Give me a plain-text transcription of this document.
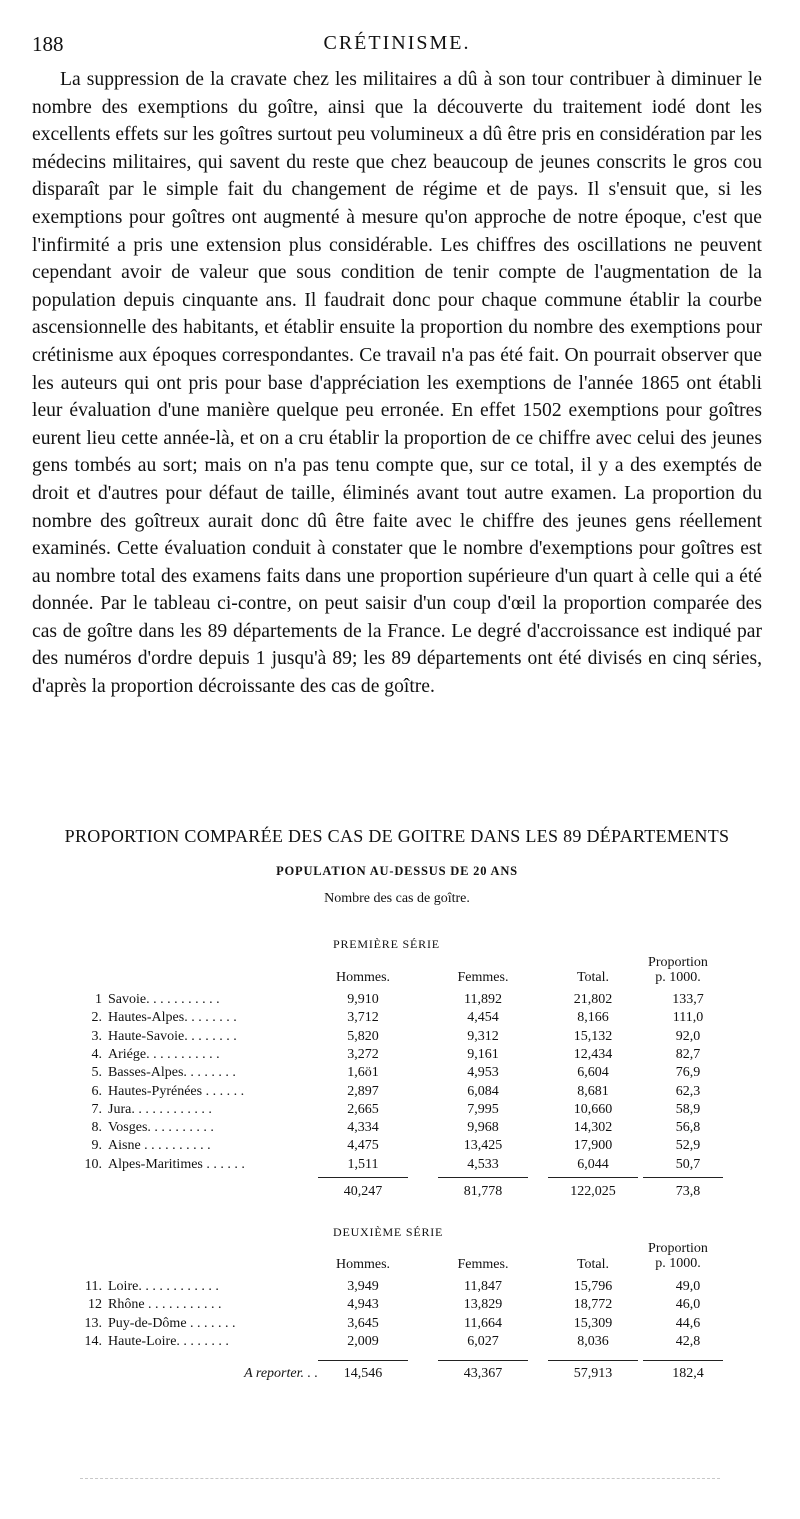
188	CRÉTINISME.

La suppression de la cravate chez les militaires a dû à son tour contribuer à diminuer le nombre des exemptions du goître, ainsi que la découverte du traitement iodé dont les excellents effets sur les goîtres surtout peu volumineux a dû être pris en considération par les médecins militaires, qui savent du reste que chez beaucoup de jeunes conscrits le gros cou disparaît par le simple fait du changement de régime et de pays. Il s'ensuit que, si les exemptions pour goîtres ont augmenté à mesure qu'on approche de notre époque, c'est que l'infirmité a pris une extension plus considérable. Les chiffres des oscillations ne peuvent cependant avoir de valeur que sous condition de tenir compte de l'augmentation de la population depuis cinquante ans. Il faudrait donc pour chaque commune établir la courbe ascensionnelle des habitants, et établir ensuite la proportion du nombre des exemptions pour crétinisme aux époques correspondantes. Ce travail n'a pas été fait. On pourrait observer que les auteurs qui ont pris pour base d'appréciation les exemptions de l'année 1865 ont établi leur évaluation d'une manière quelque peu erronée. En effet 1502 exemptions pour goîtres eurent lieu cette année-là, et on a cru établir la proportion de ce chiffre avec celui des jeunes gens tombés au sort; mais on n'a pas tenu compte que, sur ce total, il y a des exemptés de droit et d'autres pour défaut de taille, éliminés avant tout autre examen. La proportion du nombre des goîtreux aurait donc dû être faite avec le chiffre des jeunes gens réellement examinés. Cette évaluation conduit à constater que le nombre d'exemptions pour goîtres est au nombre total des examens faits dans une proportion supérieure d'un quart à celle qui a été donnée. Par le tableau ci-contre, on peut saisir d'un coup d'œil la proportion comparée des cas de goître dans les 89 départements de la France. Le degré d'accroissance est indiqué par des numéros d'ordre depuis 1 jusqu'à 89; les 89 départements ont été divisés en cinq séries, d'après la proportion décroissante des cas de goître.

PROPORTION COMPARÉE DES CAS DE GOITRE DANS LES 89 DÉPARTEMENTS
POPULATION AU-DESSUS DE 20 ANS
Nombre des cas de goître.
PREMIÈRE SÉRIE
Hommes.	Femmes.	Total.
Proportion
p. 1000.
1 Savoie. . . . . . . . . . .	9,910	11,892	21,802	133,7
2. Hautes-Alpes. . . . . . . .	3,712	4,454	8,166	111,0
3. Haute-Savoie. . . . . . . .	5,820	9,312	15,132	92,0
4. Ariége. . . . . . . . . . .	3,272	9,161	12,434	82,7
5. Basses-Alpes. . . . . . . .	1,6ö1	4,953	6,604	76,9
6. Hautes-Pyrénées . . . . . .	2,897	6,084	8,681	62,3
7. Jura. . . . . . . . . . . .	2,665	7,995	10,660	58,9
8. Vosges. . . . . . . . . .	4,334	9,968	14,302	56,8
9. Aisne . . . . . . . . . .	4,475	13,425	17,900	52,9
10. Alpes-Maritimes . . . . . .	1,511	4,533	6,044	50,7
40,247	81,778	122,025	73,8
DEUXIÈME SÉRIE
Hommes.	Femmes.	Total.
Proportion
p. 1000.
11. Loire. . . . . . . . . . . .	3,949	11,847	15,796	49,0
12 Rhône . . . . . . . . . . .	4,943	13,829	18,772	46,0
13. Puy-de-Dôme . . . . . . .	3,645	11,664	15,309	44,6
14. Haute-Loire. . . . . . . .	2,009	6,027	8,036	42,8
A reporter. . .	14,546	43,367	57,913	182,4
